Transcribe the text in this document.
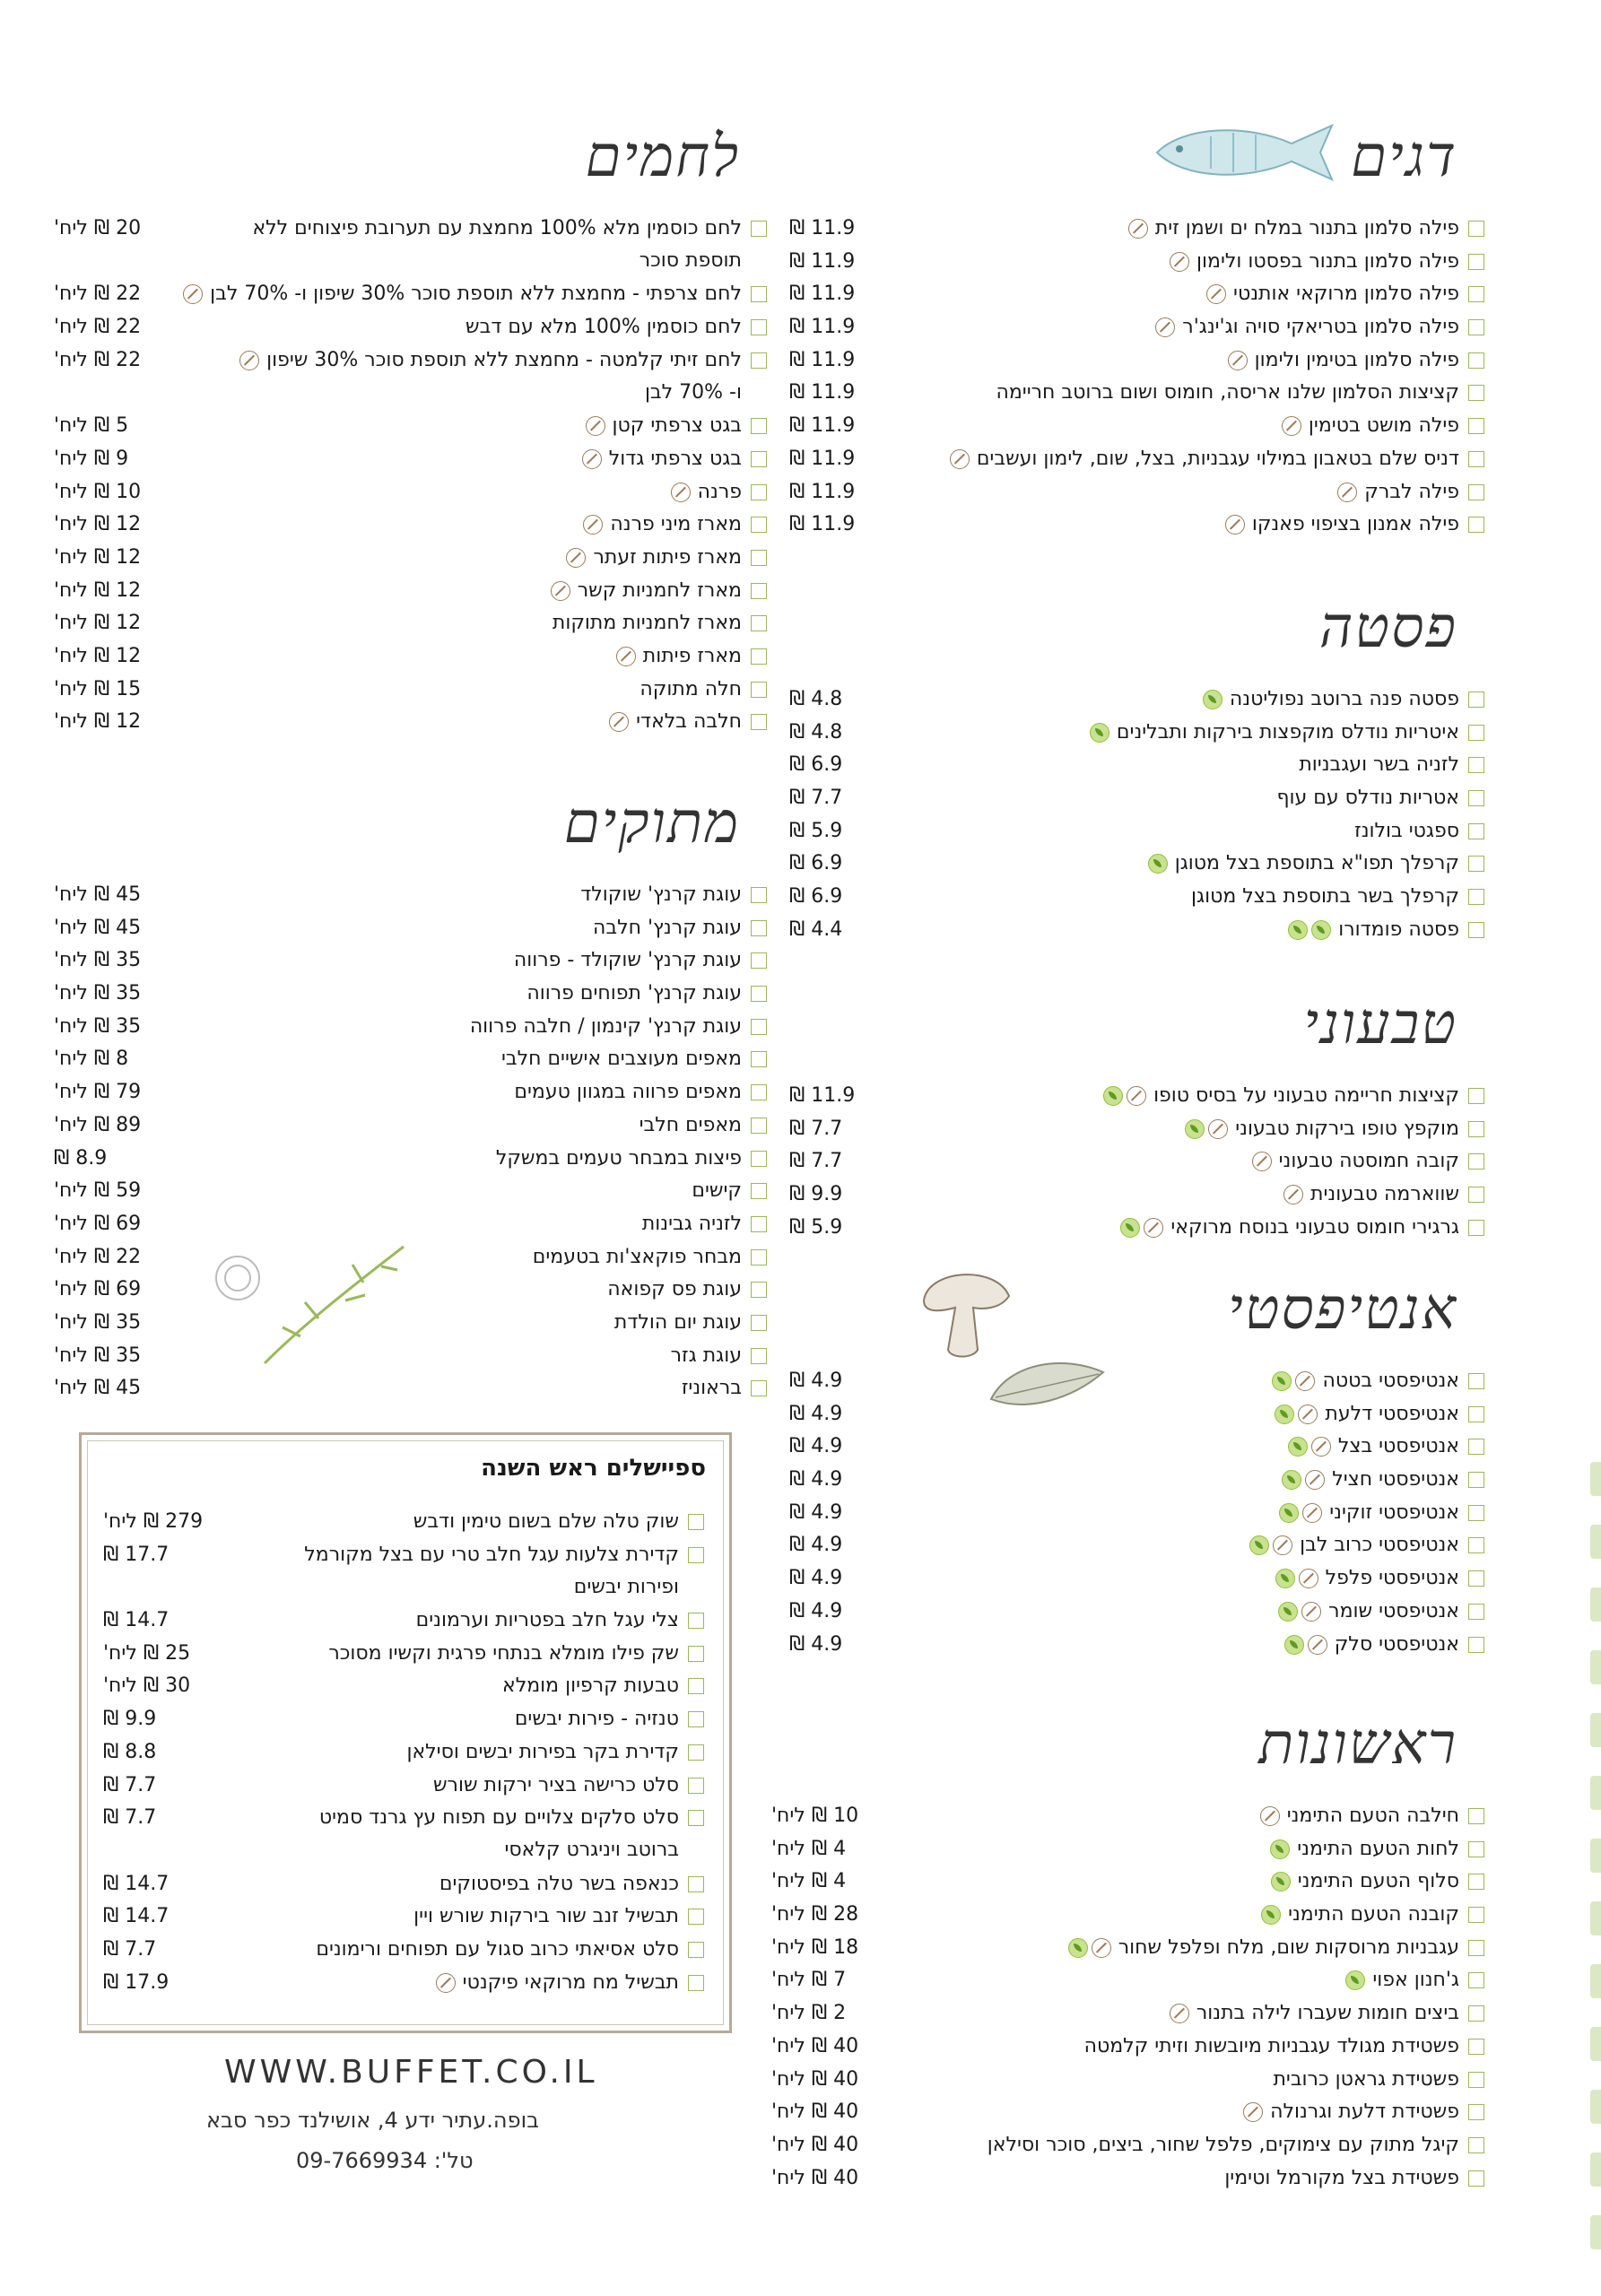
דגים
פילה סלמון בתנור במלח ים ושמן זית
פילה סלמון בתנור בפסטו ולימון
פילה סלמון מרוקאי אותנטי
פילה סלמון בטריאקי סויה וג'ינג'ר
פילה סלמון בטימין ולימון
קציצות הסלמון שלנו אריסה, חומוס ושום ברוטב חריימה
פילה מושט בטימין
דניס שלם בטאבון במילוי עגבניות, בצל, שום, לימון ועשבים
פילה לברק
פילה אמנון בציפוי פאנקו
פסטה
פסטה פנה ברוטב נפוליטנה
איטריות נודלס מוקפצות בירקות ותבלינים
לזניה בשר ועגבניות
אטריות נודלס עם עוף
ספגטי בולונז
קרפלך תפו"א בתוספת בצל מטוגן
קרפלך בשר בתוספת בצל מטוגן
פסטה פומדורו
טבעוני
קציצות חריימה טבעוני על בסיס טופו
מוקפץ טופו בירקות טבעוני
קובה חמוסטה טבעוני
שווארמה טבעונית
גרגירי חומוס טבעוני בנוסח מרוקאי
אנטיפסטי
אנטיפסטי בטטה
אנטיפסטי דלעת
אנטיפסטי בצל
אנטיפסטי חציל
אנטיפסטי זוקיני
אנטיפסטי כרוב לבן
אנטיפסטי פלפל
אנטיפסטי שומר
אנטיפסטי סלק
ראשונות
חילבה הטעם התימני
לחות הטעם התימני
סלוף הטעם התימני
קובנה הטעם התימני
עגבניות מרוסקות שום, מלח ופלפל שחור
ג'חנון אפוי
ביצים חומות שעברו לילה בתנור
פשטידת מגולד עגבניות מיובשות וזיתי קלמטה
פשטידת גראטן כרובית
פשטידת דלעת וגרנולה
קיגל מתוק עם צימוקים, פלפל שחור, ביצים, סוכר וסילאן
פשטידת בצל מקורמל וטימין
לחמים
לחם כוסמין מלא 100% מחמצת עם תערובת פיצוחים ללא
תוספת סוכר
לחם צרפתי - מחמצת ללא תוספת סוכר 30% שיפון ו- 70% לבן
לחם כוסמין 100% מלא עם דבש
לחם זיתי קלמטה - מחמצת ללא תוספת סוכר 30% שיפון
ו- 70% לבן
בגט צרפתי קטן
בגט צרפתי גדול
פרנה
מארז מיני פרנה
מארז פיתות זעתר
מארז לחמניות קשר
מארז לחמניות מתוקות
מארז פיתות
חלה מתוקה
חלבה בלאדי
מתוקים
עוגת קרנץ' שוקולד
עוגת קרנץ' חלבה
עוגת קרנץ' שוקולד - פרווה
עוגת קרנץ' תפוחים פרווה
עוגת קרנץ' קינמון / חלבה פרווה
מאפים מעוצבים אישיים חלבי
מאפים פרווה במגוון טעמים
מאפים חלבי
פיצות במבחר טעמים במשקל
קישים
לזניה גבינות
מבחר פוקאצ'ות בטעמים
עוגת פס קפואה
עוגת יום הולדת
עוגת גזר
בראוניז
ספיישלים ראש השנה
שוק טלה שלם בשום טימין ודבש
קדירת צלעות עגל חלב טרי עם בצל מקורמל
ופירות יבשים
צלי עגל חלב בפטריות וערמונים
שק פילו מומלא בנתחי פרגית וקשיו מסוכר
טבעות קרפיון מומלא
טנזיה - פירות יבשים
קדירת בקר בפירות יבשים וסילאן
סלט כרישה בציר ירקות שורש
סלט סלקים צלויים עם תפוח עץ גרנד סמיט
ברוטב ויניגרט קלאסי
כנאפה בשר טלה בפיסטוקים
תבשיל זנב שור בירקות שורש ויין
סלט אסיאתי כרוב סגול עם תפוחים ורימונים
תבשיל מח מרוקאי פיקנטי
WWW.BUFFET.CO.IL
בופה.עתיר ידע 4, אושילנד כפר סבא
טל': 09-7669934
11.9 ₪
11.9 ₪
11.9 ₪
11.9 ₪
11.9 ₪
11.9 ₪
11.9 ₪
11.9 ₪
11.9 ₪
11.9 ₪
4.8 ₪
4.8 ₪
6.9 ₪
7.7 ₪
5.9 ₪
6.9 ₪
6.9 ₪
4.4 ₪
11.9 ₪
7.7 ₪
7.7 ₪
9.9 ₪
5.9 ₪
4.9 ₪
4.9 ₪
4.9 ₪
4.9 ₪
4.9 ₪
4.9 ₪
4.9 ₪
4.9 ₪
4.9 ₪
10 ₪ ליח'
4 ₪ ליח'
4 ₪ ליח'
28 ₪ ליח'
18 ₪ ליח'
7 ₪ ליח'
2 ₪ ליח'
40 ₪ ליח'
40 ₪ ליח'
40 ₪ ליח'
40 ₪ ליח'
40 ₪ ליח'
20 ₪ ליח'
22 ₪ ליח'
22 ₪ ליח'
22 ₪ ליח'
5 ₪ ליח'
9 ₪ ליח'
10 ₪ ליח'
12 ₪ ליח'
12 ₪ ליח'
12 ₪ ליח'
12 ₪ ליח'
12 ₪ ליח'
15 ₪ ליח'
12 ₪ ליח'
45 ₪ ליח'
45 ₪ ליח'
35 ₪ ליח'
35 ₪ ליח'
35 ₪ ליח'
8 ₪ ליח'
79 ₪ ליח'
89 ₪ ליח'
8.9 ₪
59 ₪ ליח'
69 ₪ ליח'
22 ₪ ליח'
69 ₪ ליח'
35 ₪ ליח'
35 ₪ ליח'
45 ₪ ליח'
279 ₪ ליח'
17.7 ₪
14.7 ₪
25 ₪ ליח'
30 ₪ ליח'
9.9 ₪
8.8 ₪
7.7 ₪
7.7 ₪
14.7 ₪
14.7 ₪
7.7 ₪
17.9 ₪
